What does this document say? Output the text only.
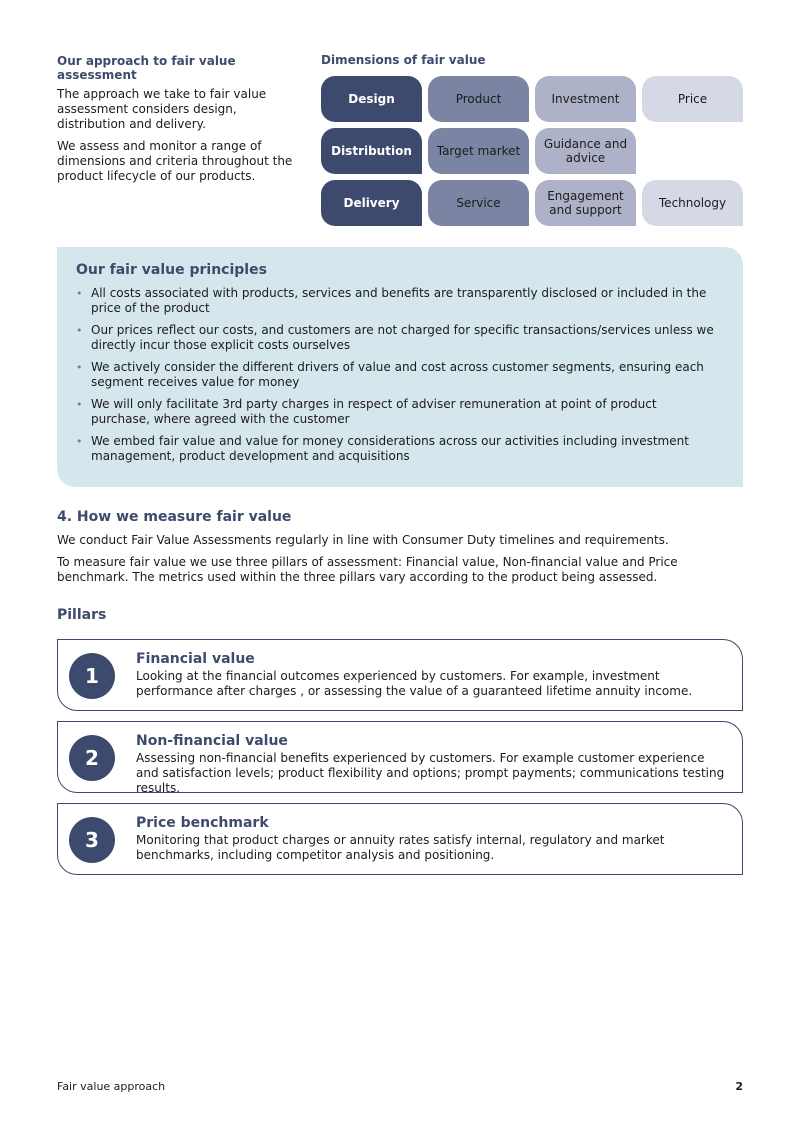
Our approach to fair value assessment

The approach we take to fair value assessment considers design, distribution and delivery.

We assess and monitor a range of dimensions and criteria throughout the product lifecycle of our products.

Dimensions of fair value
Design	Product	Investment	Price
Distribution	Target market	Guidance and advice
Delivery	Service	Engagement and support	Technology
Our fair value principles
• All costs associated with products, services and benefits are transparently disclosed or included in the price of the product
• Our prices reflect our costs, and customers are not charged for specific transactions/services unless we directly incur those explicit costs ourselves
• We actively consider the different drivers of value and cost across customer segments, ensuring each segment receives value for money
• We will only facilitate 3rd party charges in respect of adviser remuneration at point of product purchase, where agreed with the customer
• We embed fair value and value for money considerations across our activities including investment management, product development and acquisitions
4. How we measure fair value

We conduct Fair Value Assessments regularly in line with Consumer Duty timelines and requirements.

To measure fair value we use three pillars of assessment: Financial value, Non-financial value and Price benchmark. The metrics used within the three pillars vary according to the product being assessed.

Pillars
1
Financial value
Looking at the financial outcomes experienced by customers. For example, investment performance after charges , or assessing the value of a guaranteed lifetime annuity income.
2
Non-financial value
Assessing non-financial benefits experienced by customers. For example customer experience and satisfaction levels; product flexibility and options; prompt payments; communications testing results.
3
Price benchmark
Monitoring that product charges or annuity rates satisfy internal, regulatory and market benchmarks, including competitor analysis and positioning.
Fair value approach	2
